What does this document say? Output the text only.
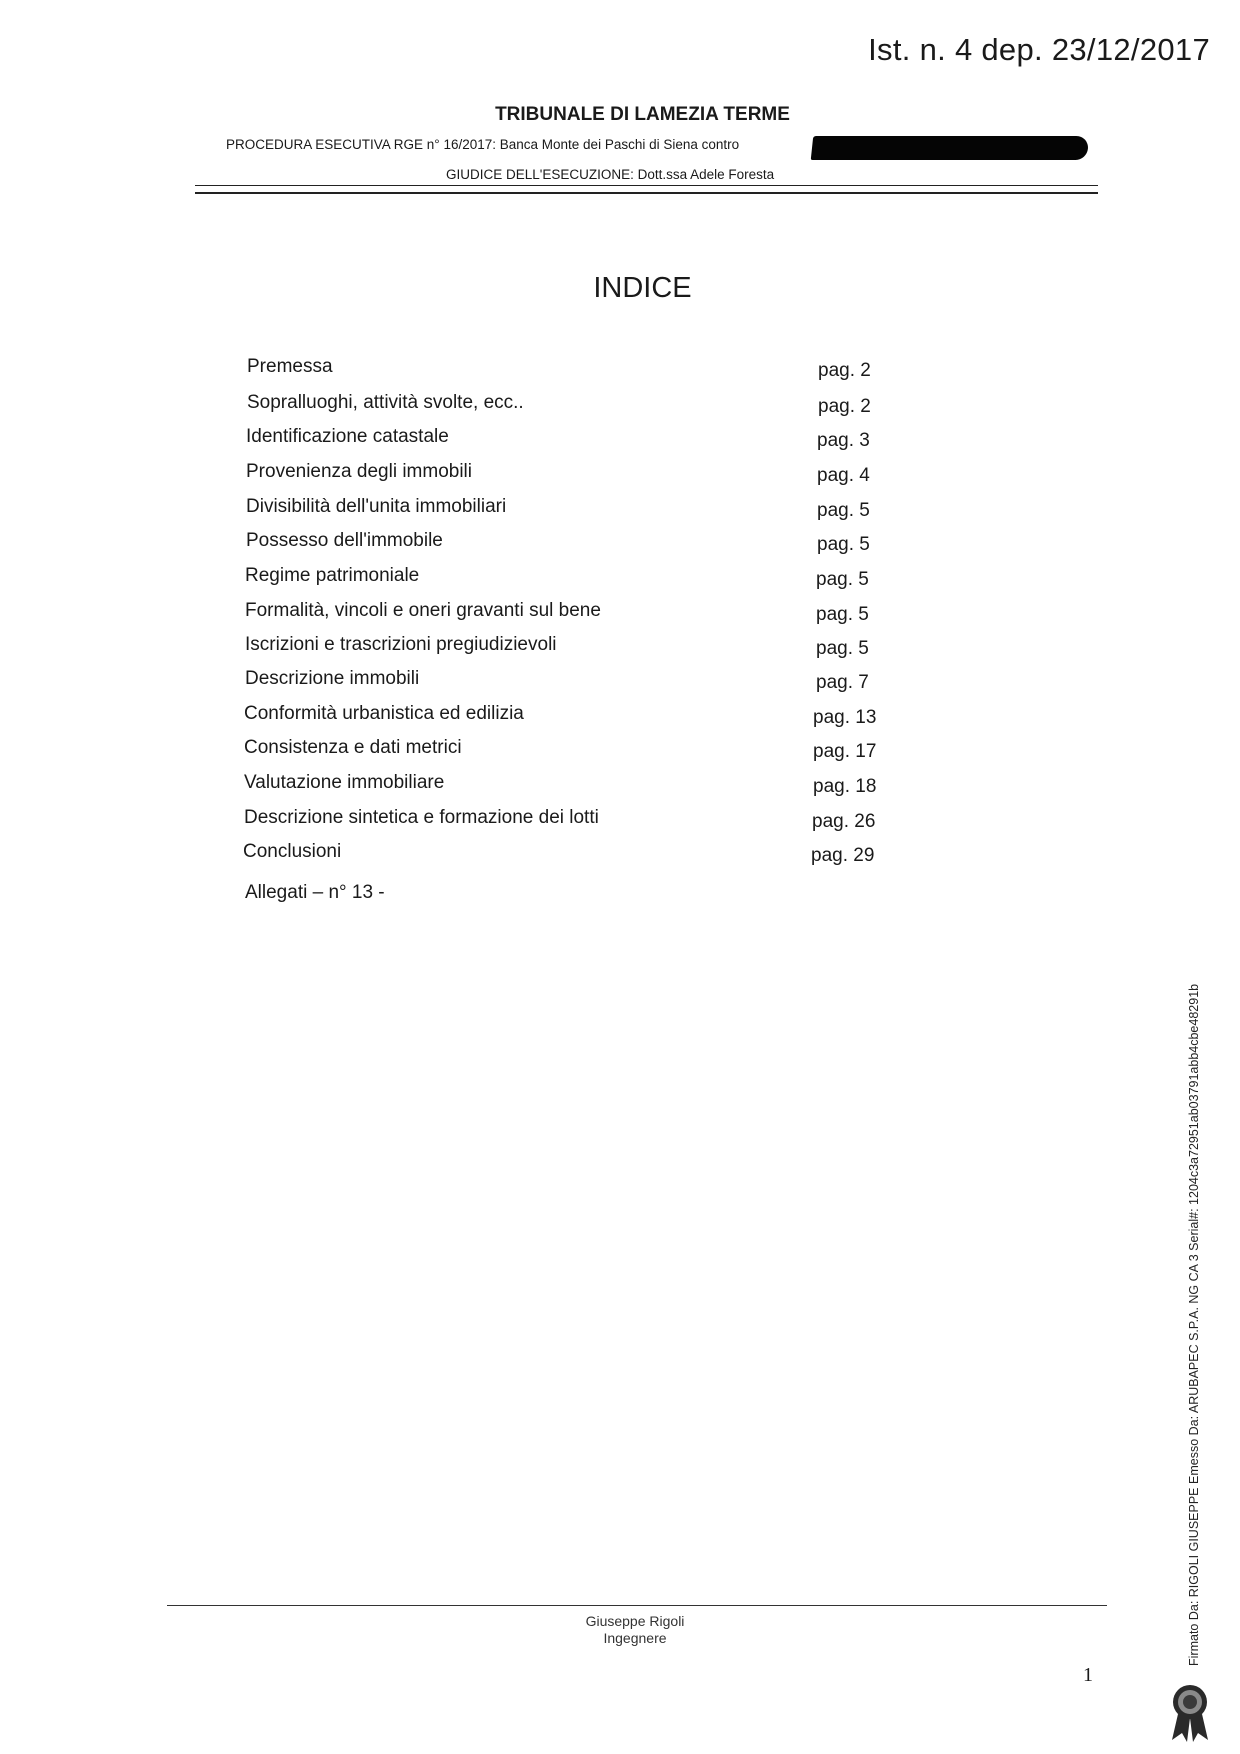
Ist. n. 4 dep. 23/12/2017
TRIBUNALE DI LAMEZIA TERME
PROCEDURA ESECUTIVA RGE n° 16/2017: Banca Monte dei Paschi di Siena contro
GIUDICE DELL'ESECUZIONE: Dott.ssa Adele Foresta
INDICE
Premessa	pag. 2
Sopralluoghi, attività svolte, ecc..	pag. 2
Identificazione catastale	pag. 3
Provenienza degli immobili	pag. 4
Divisibilità dell'unita immobiliari	pag. 5
Possesso dell'immobile	pag. 5
Regime patrimoniale	pag. 5
Formalità, vincoli e oneri gravanti sul bene	pag. 5
Iscrizioni e trascrizioni pregiudizievoli	pag. 5
Descrizione immobili	pag. 7
Conformità urbanistica ed edilizia	pag. 13
Consistenza e dati metrici	pag. 17
Valutazione immobiliare	pag. 18
Descrizione sintetica e formazione dei lotti	pag. 26
Conclusioni	pag. 29
Allegati – n° 13 -
Giuseppe Rigoli
Ingegnere
1
Firmato Da: RIGOLI GIUSEPPE Emesso Da: ARUBAPEC S.P.A. NG CA 3 Serial#: 1204c3a72951ab03791abb4cbe48291b
